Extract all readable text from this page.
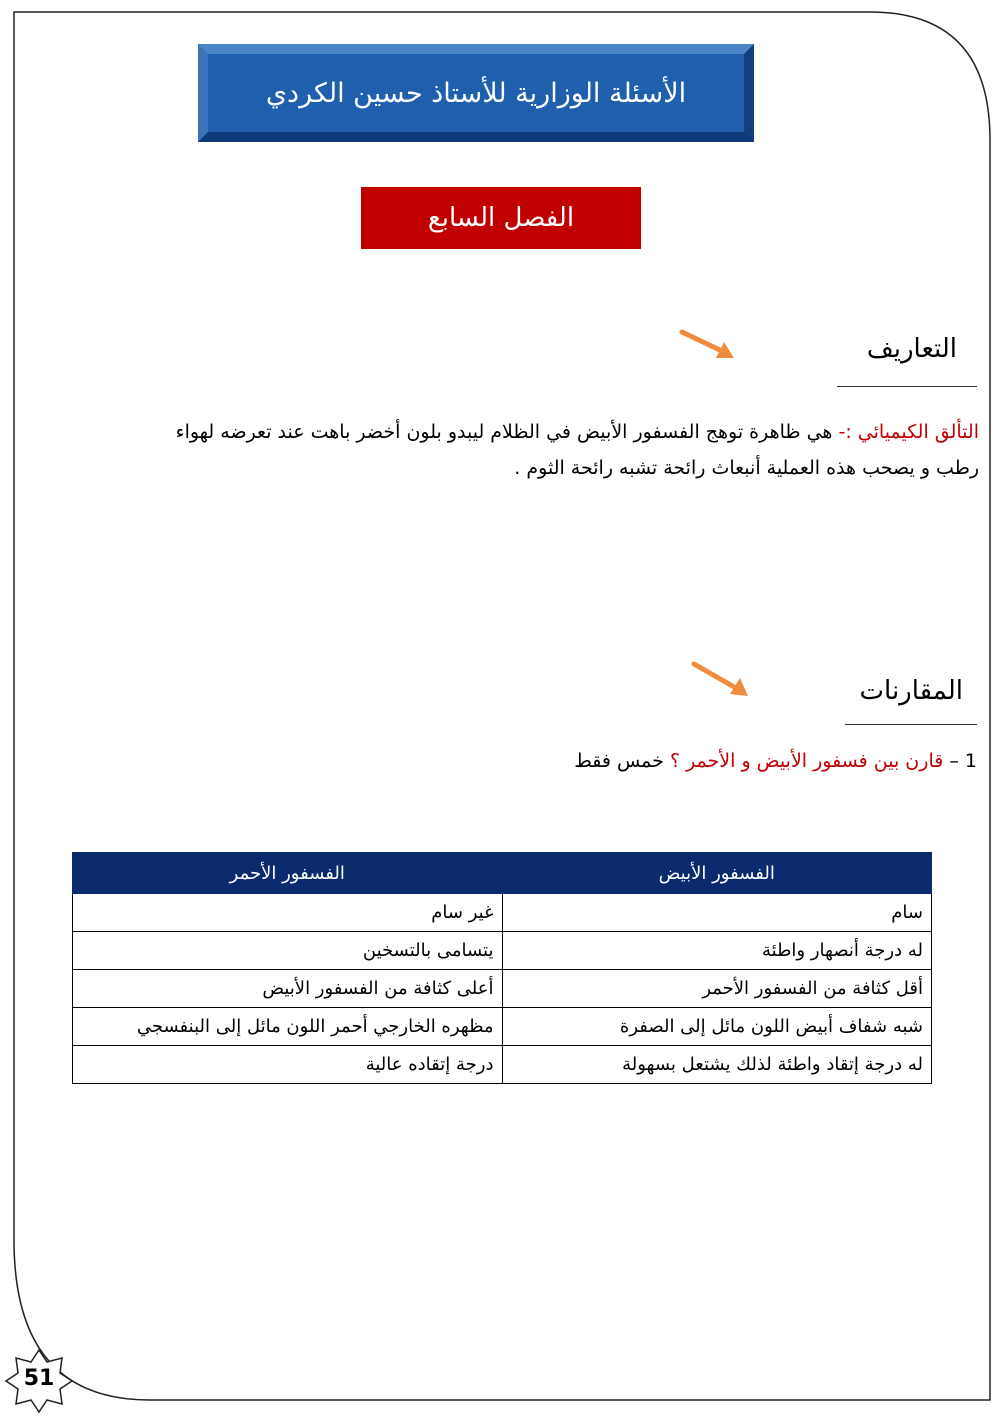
الأسئلة الوزارية للأستاذ حسين الكردي
الفصل السابع
التعاريف
التألق الكيميائي :- هي ظاهرة توهج الفسفور الأبيض في الظلام ليبدو بلون أخضر باهت عند تعرضه لهواء
رطب و يصحب هذه العملية أنبعاث رائحة تشبه رائحة الثوم .
المقارنات
1 – قارن بين فسفور الأبيض و الأحمر ؟ خمس فقط
الفسفور الأبيض	الفسفور الأحمر
سام	غير سام
له درجة أنصهار واطئة	يتسامى بالتسخين
أقل كثافة من الفسفور الأحمر	أعلى كثافة من الفسفور الأبيض
شبه شفاف أبيض اللون مائل إلى الصفرة	مظهره الخارجي أحمر اللون مائل إلى البنفسجي
له درجة إتقاد واطئة لذلك يشتعل بسهولة	درجة إتقاده عالية
51
